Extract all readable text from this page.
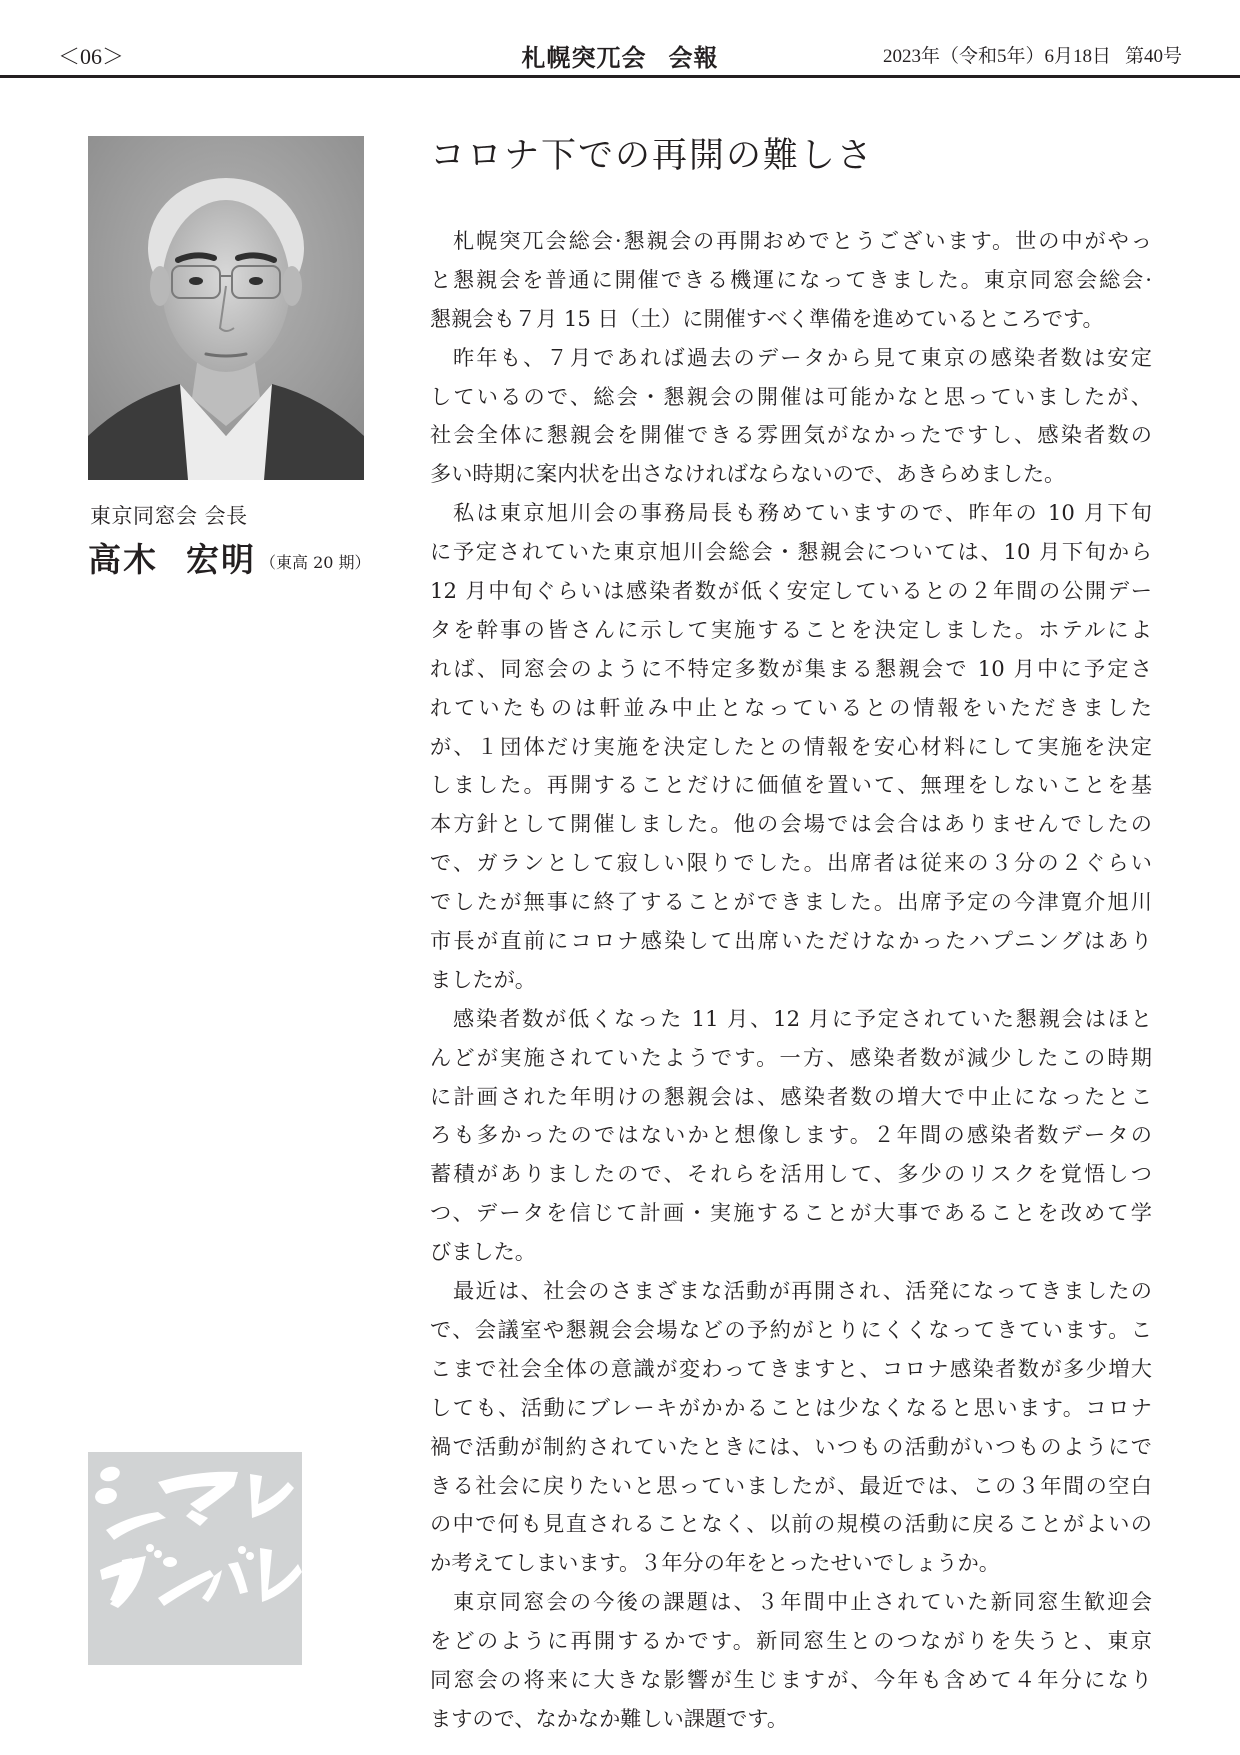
＜06＞	札幌突兀会 会報	2023年（令和5年）6月18日 第40号
東京同窓会 会長
高木 宏明 （東高 20 期）
コロナ下での再開の難しさ

札幌突兀会総会·懇親会の再開おめでとうございます。世の中がやっ
と懇親会を普通に開催できる機運になってきました。東京同窓会総会·
懇親会も７月 15 日（土）に開催すべく準備を進めているところです。

昨年も、７月であれば過去のデータから見て東京の感染者数は安定
しているので、総会・懇親会の開催は可能かなと思っていましたが、
社会全体に懇親会を開催できる雰囲気がなかったですし、感染者数の
多い時期に案内状を出さなければならないので、あきらめました。

私は東京旭川会の事務局長も務めていますので、昨年の 10 月下旬
に予定されていた東京旭川会総会・懇親会については、10 月下旬から
12 月中旬ぐらいは感染者数が低く安定しているとの２年間の公開デー
タを幹事の皆さんに示して実施することを決定しました。ホテルによ
れば、同窓会のように不特定多数が集まる懇親会で 10 月中に予定さ
れていたものは軒並み中止となっているとの情報をいただきました
が、１団体だけ実施を決定したとの情報を安心材料にして実施を決定
しました。再開することだけに価値を置いて、無理をしないことを基
本方針として開催しました。他の会場では会合はありませんでしたの
で、ガランとして寂しい限りでした。出席者は従来の３分の２ぐらい
でしたが無事に終了することができました。出席予定の今津寛介旭川
市長が直前にコロナ感染して出席いただけなかったハプニングはあり
ましたが。

感染者数が低くなった 11 月、12 月に予定されていた懇親会はほと
んどが実施されていたようです。一方、感染者数が減少したこの時期
に計画された年明けの懇親会は、感染者数の増大で中止になったとこ
ろも多かったのではないかと想像します。２年間の感染者数データの
蓄積がありましたので、それらを活用して、多少のリスクを覚悟しつ
つ、データを信じて計画・実施することが大事であることを改めて学
びました。

最近は、社会のさまざまな活動が再開され、活発になってきましたの
で、会議室や懇親会会場などの予約がとりにくくなってきています。こ
こまで社会全体の意識が変わってきますと、コロナ感染者数が多少増大
しても、活動にブレーキがかかることは少なくなると思います。コロナ
禍で活動が制約されていたときには、いつもの活動がいつものようにで
きる社会に戻りたいと思っていましたが、最近では、この３年間の空白
の中で何も見直されることなく、以前の規模の活動に戻ることがよいの
か考えてしまいます。３年分の年をとったせいでしょうか。

東京同窓会の今後の課題は、３年間中止されていた新同窓生歓迎会
をどのように再開するかです。新同窓生とのつながりを失うと、東京
同窓会の将来に大きな影響が生じますが、今年も含めて４年分になり
ますので、なかなか難しい課題です。
